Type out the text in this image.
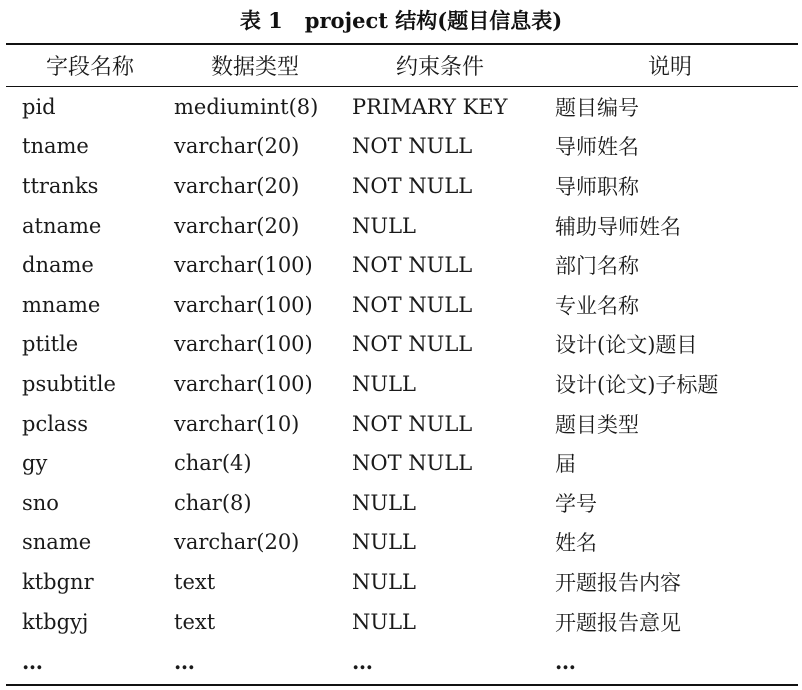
表 1 project 结构(题目信息表)
字段名称	数据类型	约束条件	说明
pid	mediumint(8)	PRIMARY KEY	题目编号
tname	varchar(20)	NOT NULL	导师姓名
ttranks	varchar(20)	NOT NULL	导师职称
atname	varchar(20)	NULL	辅助导师姓名
dname	varchar(100)	NOT NULL	部门名称
mname	varchar(100)	NOT NULL	专业名称
ptitle	varchar(100)	NOT NULL	设计(论文)题目
psubtitle	varchar(100)	NULL	设计(论文)子标题
pclass	varchar(10)	NOT NULL	题目类型
gy	char(4)	NOT NULL	届
sno	char(8)	NULL	学号
sname	varchar(20)	NULL	姓名
ktbgnr	text	NULL	开题报告内容
ktbgyj	text	NULL	开题报告意见
…	…	…	…
